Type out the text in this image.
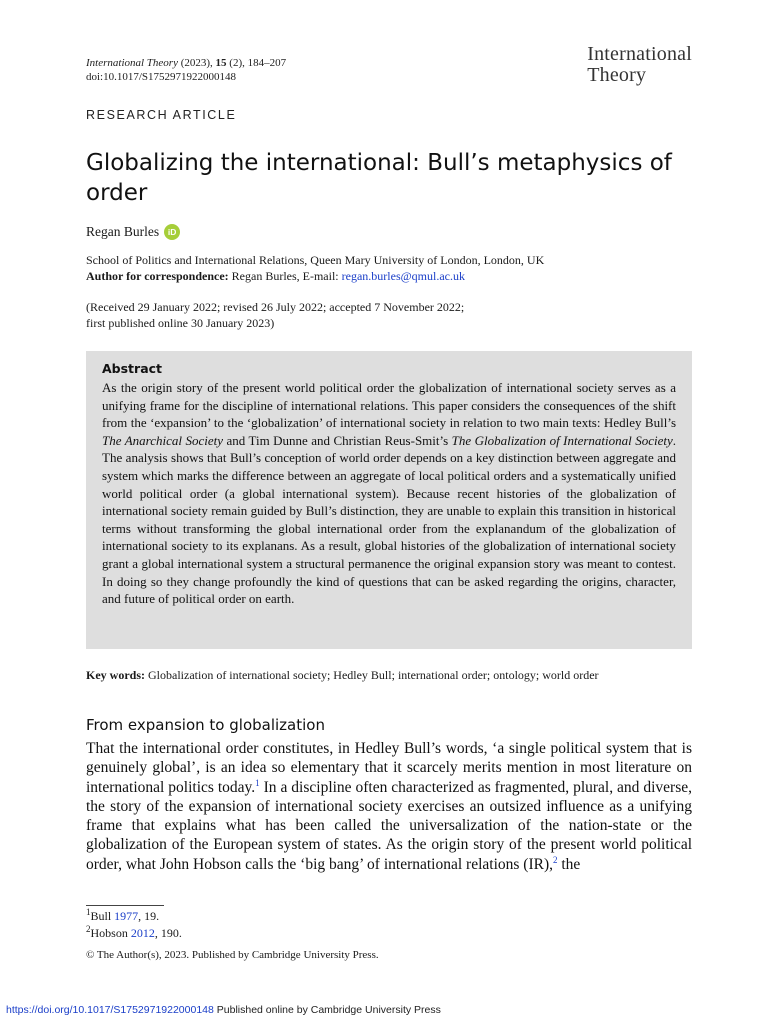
International Theory (2023), 15 (2), 184–207
doi:10.1017/S1752971922000148
International
Theory
RESEARCH ARTICLE
Globalizing the international: Bull’s metaphysics of order
Regan Burles	iD
School of Politics and International Relations, Queen Mary University of London, London, UK
Author for correspondence: Regan Burles, E-mail: regan.burles@qmul.ac.uk
(Received 29 January 2022; revised 26 July 2022; accepted 7 November 2022;
first published online 30 January 2023)
Abstract
As the origin story of the present world political order the globalization of international society serves as a unifying frame for the discipline of international relations. This paper considers the consequences of the shift from the ‘expansion’ to the ‘globalization’ of international society in relation to two main texts: Hedley Bull’s The Anarchical Society and Tim Dunne and Christian Reus-Smit’s The Globalization of International Society. The analysis shows that Bull’s conception of world order depends on a key distinction between aggregate and system which marks the difference between an aggregate of local political orders and a systematically unified world political order (a global international system). Because recent histories of the globalization of international society remain guided by Bull’s distinction, they are unable to explain this transition in historical terms without transforming the global international order from the explanandum of the globalization of international society to its explanans. As a result, global histories of the globalization of international society grant a global international system a structural permanence the original expansion story was meant to contest. In doing so they change profoundly the kind of questions that can be asked regarding the origins, character, and future of political order on earth.
Key words: Globalization of international society; Hedley Bull; international order; ontology; world order
From expansion to globalization
That the international order constitutes, in Hedley Bull’s words, ‘a single political system that is genuinely global’, is an idea so elementary that it scarcely merits mention in most literature on international politics today.$^1$ In a discipline often characterized as fragmented, plural, and diverse, the story of the expansion of international society exercises an outsized influence as a unifying frame that explains what has been called the universalization of the nation-state or the globalization of the European system of states. As the origin story of the present world political order, what John Hobson calls the ‘big bang’ of international relations (IR),$^2$ the
$^1$Bull 1977, 19.
$^2$Hobson 2012, 190.
© The Author(s), 2023. Published by Cambridge University Press.
https://doi.org/10.1017/S1752971922000148 Published online by Cambridge University Press
